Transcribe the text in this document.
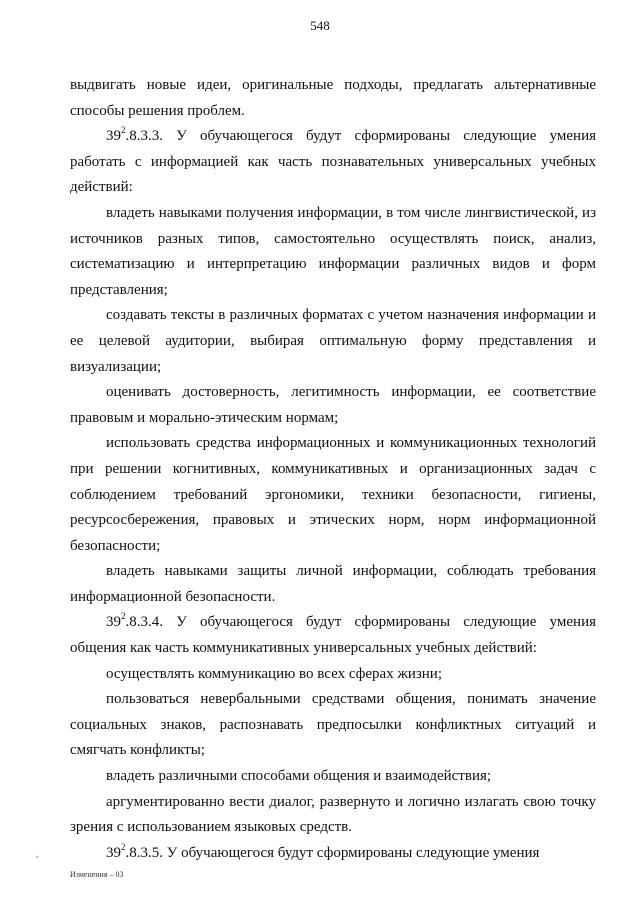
548

выдвигать новые идеи, оригинальные подходы, предлагать альтернативные способы решения проблем.

$39^2.8.3.3$. У обучающегося будут сформированы следующие умения работать с информацией как часть познавательных универсальных учебных действий:

владеть навыками получения информации, в том числе лингвистической, из источников разных типов, самостоятельно осуществлять поиск, анализ, систематизацию и интерпретацию информации различных видов и форм представления;

создавать тексты в различных форматах с учетом назначения информации и ее целевой аудитории, выбирая оптимальную форму представления и визуализации;

оценивать достоверность, легитимность информации, ее соответствие правовым и морально-этическим нормам;

использовать средства информационных и коммуникационных технологий при решении когнитивных, коммуникативных и организационных задач с соблюдением требований эргономики, техники безопасности, гигиены, ресурсосбережения, правовых и этических норм, норм информационной безопасности;

владеть навыками защиты личной информации, соблюдать требования информационной безопасности.

$39^2.8.3.4$. У обучающегося будут сформированы следующие умения общения как часть коммуникативных универсальных учебных действий:

осуществлять коммуникацию во всех сферах жизни;

пользоваться невербальными средствами общения, понимать значение социальных знаков, распознавать предпосылки конфликтных ситуаций и смягчать конфликты;

владеть различными способами общения и взаимодействия;

аргументированно вести диалог, развернуто и логично излагать свою точку зрения с использованием языковых средств.

$39^2.8.3.5$. У обучающегося будут сформированы следующие умения

⸗
Изменения – 03
